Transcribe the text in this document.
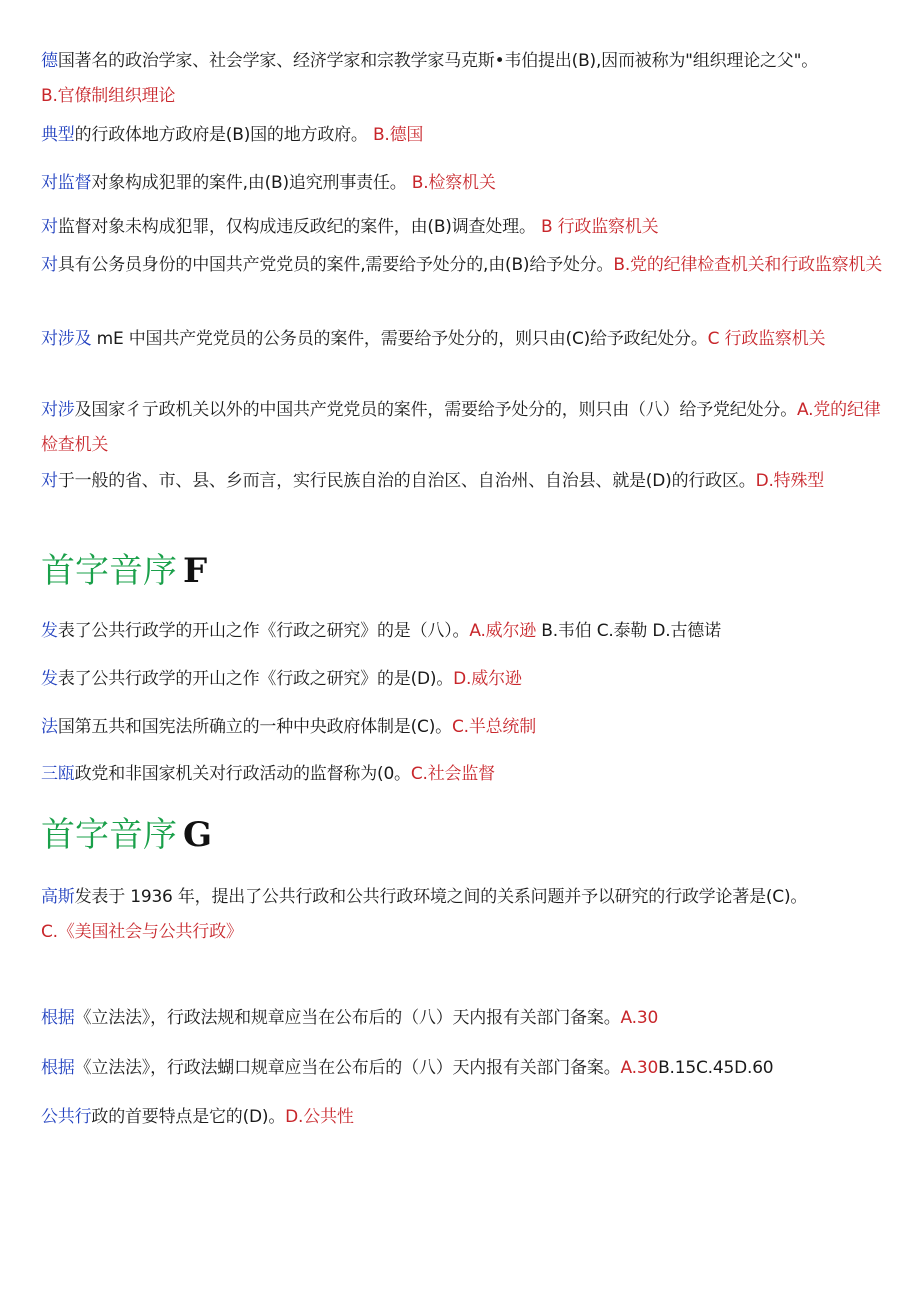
德国著名的政治学家、社会学家、经济学家和宗教学家马克斯•韦伯提出(B),因而被称为"组织理论之父"。
B.官僚制组织理论
典型的行政体地方政府是(B)国的地方政府。 B.德国
对监督对象构成犯罪的案件,由(B)追究刑事责任。 B.检察机关
对监督对象未构成犯罪，仅构成违反政纪的案件，由(B)调查处理。 B 行政监察机关
对具有公务员身份的中国共产党党员的案件,需要给予处分的,由(B)给予处分。B.党的纪律检查机关和行政监察机关
对涉及 mE 中国共产党党员的公务员的案件，需要给予处分的，则只由(C)给予政纪处分。C 行政监察机关
对涉及国家彳亍政机关以外的中国共产党党员的案件，需要给予处分的，则只由（八）给予党纪处分。A.党的纪律检查机关
对于一般的省、市、县、乡而言，实行民族自治的自治区、自治州、自治县、就是(D)的行政区。D.特殊型
首字音序 F
发表了公共行政学的开山之作《行政之研究》的是（八）。A.威尔逊 B.韦伯 C.泰勒 D.古德诺
发表了公共行政学的开山之作《行政之研究》的是(D)。D.威尔逊
法国第五共和国宪法所确立的一种中央政府体制是(C)。C.半总统制
三瓯政党和非国家机关对行政活动的监督称为(0。C.社会监督
首字音序 G
高斯发表于 1936 年，提出了公共行政和公共行政环境之间的关系问题并予以研究的行政学论著是(C)。
C.《美国社会与公共行政》
根据《立法法》，行政法规和规章应当在公布后的（八）天内报有关部门备案。A.30
根据《立法法》，行政法蝴口规章应当在公布后的（八）天内报有关部门备案。A.30B.15C.45D.60
公共行政的首要特点是它的(D)。D.公共性
